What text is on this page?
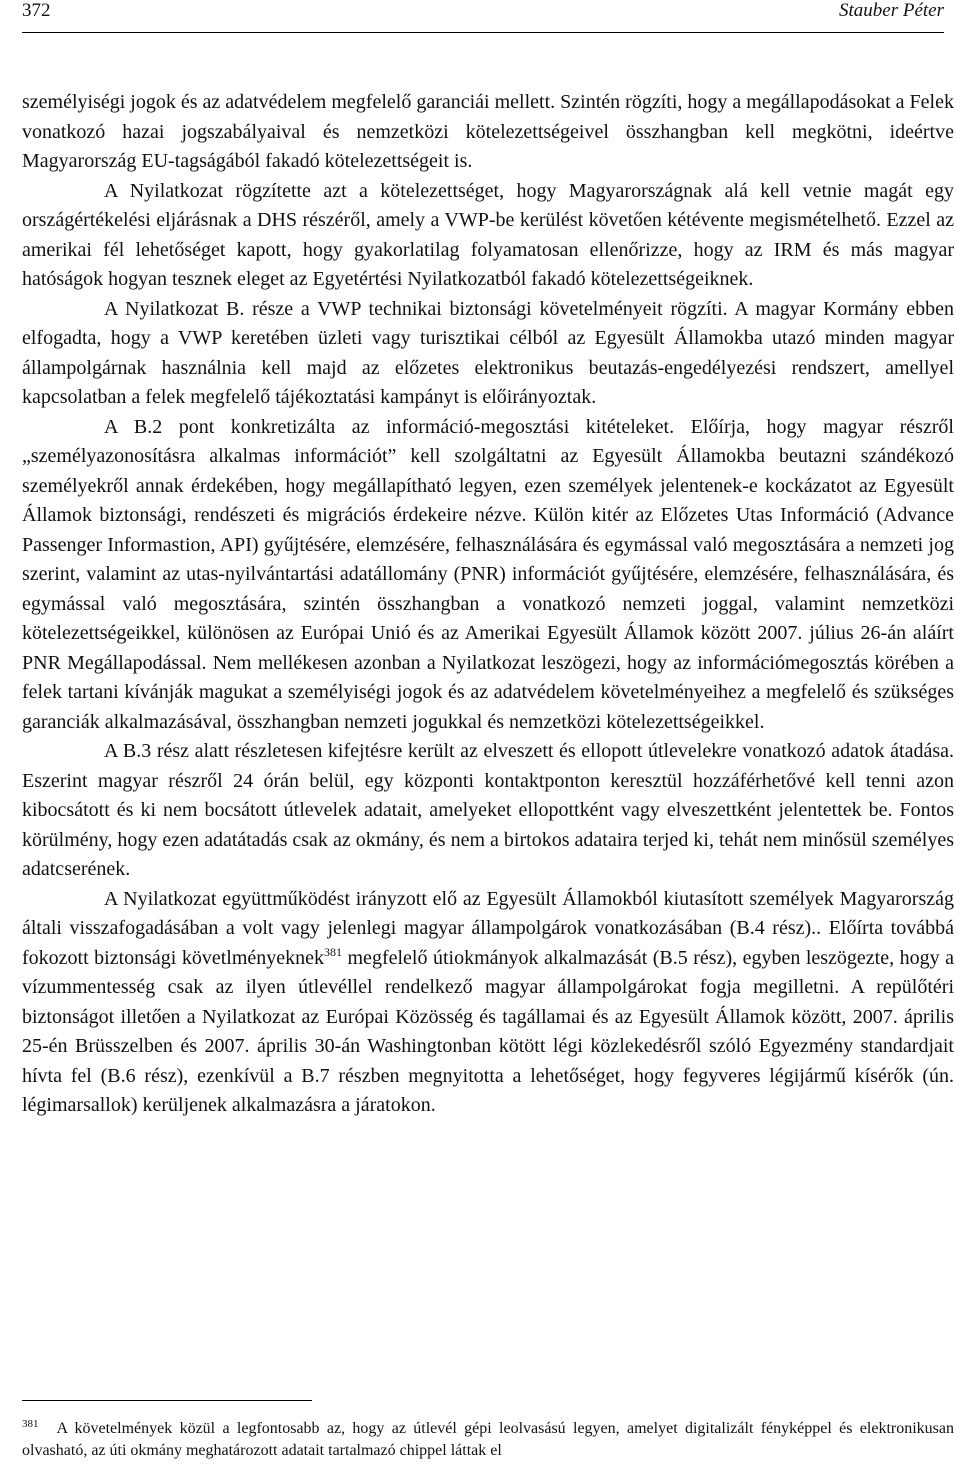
372	Stauber Péter

személyiségi jogok és az adatvédelem megfelelő garanciái mellett. Szintén rögzíti, hogy a megállapodásokat a Felek vonatkozó hazai jogszabályaival és nemzetközi kötelezettségeivel összhangban kell megkötni, ideértve Magyarország EU-tagságából fakadó kötelezettségeit is.

A Nyilatkozat rögzítette azt a kötelezettséget, hogy Magyarországnak alá kell vetnie magát egy országértékelési eljárásnak a DHS részéről, amely a VWP-be kerülést követően kétévente megismételhető. Ezzel az amerikai fél lehetőséget kapott, hogy gyakorlatilag folyamatosan ellenőrizze, hogy az IRM és más magyar hatóságok hogyan tesznek eleget az Egyetértési Nyilatkozatból fakadó kötelezettségeiknek.

A Nyilatkozat B. része a VWP technikai biztonsági követelményeit rögzíti. A magyar Kormány ebben elfogadta, hogy a VWP keretében üzleti vagy turisztikai célból az Egyesült Államokba utazó minden magyar állampolgárnak használnia kell majd az előzetes elektronikus beutazás-engedélyezési rendszert, amellyel kapcsolatban a felek megfelelő tájékoztatási kampányt is előirányoztak.

A B.2 pont konkretizálta az információ-megosztási kitételeket. Előírja, hogy magyar részről „személyazonosításra alkalmas információt” kell szolgáltatni az Egyesült Államokba beutazni szándékozó személyekről annak érdekében, hogy megállapítható legyen, ezen személyek jelentenek-e kockázatot az Egyesült Államok biztonsági, rendészeti és migrációs érdekeire nézve. Külön kitér az Előzetes Utas Információ (Advance Passenger Informastion, API) gyűjtésére, elemzésére, felhasználására és egymással való megosztására a nemzeti jog szerint, valamint az utas-nyilvántartási adatállomány (PNR) információt gyűjtésére, elemzésére, felhasználására, és egymással való megosztására, szintén összhangban a vonatkozó nemzeti joggal, valamint nemzetközi kötelezettségeikkel, különösen az Európai Unió és az Amerikai Egyesült Államok között 2007. július 26-án aláírt PNR Megállapodással. Nem mellékesen azonban a Nyilatkozat leszögezi, hogy az információmegosztás körében a felek tartani kívánják magukat a személyiségi jogok és az adatvédelem követelményeihez a megfelelő és szükséges garanciák alkalmazásával, összhangban nemzeti jogukkal és nemzetközi kötelezettségeikkel.

A B.3 rész alatt részletesen kifejtésre került az elveszett és ellopott útlevelekre vonatkozó adatok átadása. Eszerint magyar részről 24 órán belül, egy központi kontaktponton keresztül hozzáférhetővé kell tenni azon kibocsátott és ki nem bocsátott útlevelek adatait, amelyeket ellopottként vagy elveszettként jelentettek be. Fontos körülmény, hogy ezen adatátadás csak az okmány, és nem a birtokos adataira terjed ki, tehát nem minősül személyes adatcserének.

A Nyilatkozat együttműködést irányzott elő az Egyesült Államokból kiutasított személyek Magyarország általi visszafogadásában a volt vagy jelenlegi magyar állampolgárok vonatkozásában (B.4 rész).. Előírta továbbá fokozott biztonsági követlményeknek$^{381}$ megfelelő útiokmányok alkalmazását (B.5 rész), egyben leszögezte, hogy a vízummentesség csak az ilyen útlevéllel rendelkező magyar állampolgárokat fogja megilletni. A repülőtéri biztonságot illetően a Nyilatkozat az Európai Közösség és tagállamai és az Egyesült Államok között, 2007. április 25-én Brüsszelben és 2007. április 30-án Washingtonban kötött légi közlekedésről szóló Egyezmény standardjait hívta fel (B.6 rész), ezenkívül a B.7 részben megnyitotta a lehetőséget, hogy fegyveres légijármű kísérők (ún. légimarsallok) kerüljenek alkalmazásra a járatokon.

$^{381}$ A követelmények közül a legfontosabb az, hogy az útlevél gépi leolvasású legyen, amelyet digitalizált fényképpel és elektronikusan olvasható, az úti okmány meghatározott adatait tartalmazó chippel láttak el
